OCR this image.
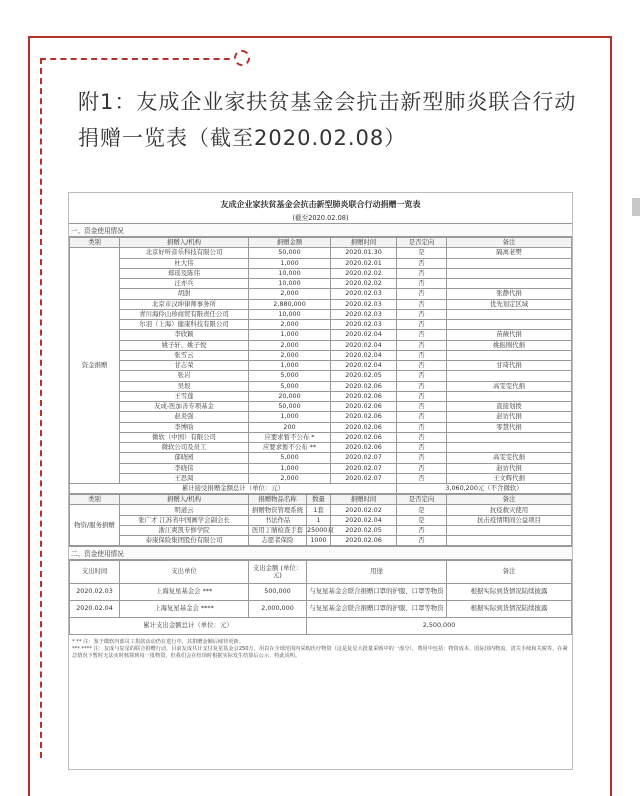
附1：友成企业家扶贫基金会抗击新型肺炎联合行动捐赠一览表（截至2020.02.08）
友成企业家扶贫基金会抗击新型肺炎联合行动捐赠一览表
(截至2020.02.08)
一、资金使用情况
类别	捐赠人/机构	捐赠金额	捐赠时间	是否定向	备注
资金捐赠	北京好听音乐科技有限公司	50,000	2020.01.30	是	隔离老樊
	杜大伟	1,000	2020.02.01	否	
	郑瑶及陈伟	10,000	2020.02.02	否	
	汪亦兵	10,000	2020.02.02	否	
	胡澍	2,000	2020.02.03	否	张静代捐
	北京市汉坤律师事务所	2,880,000	2020.02.03	否	优先划定区域
	青川海伶山珍商贸有限责任公司	10,000	2020.02.03	否	
	尔羽（上海）健康科技有限公司	2,000	2020.02.03	否	
	李欣颖	1,000	2020.02.04	否	苗薇代捐
	姚子轩、姚子悦	2,000	2020.02.04	否	姚振刚代捐
	张雪云	2,000	2020.02.04	否	
	甘志荣	1,000	2020.02.04	否	甘琦代捐
	张岩	5,000	2020.02.05	否	
	吴垠	5,000	2020.02.06	否	高雯雯代捐
	王雪莲	20,000	2020.02.06	否	
	友成-医加善专项基金	50,000	2020.02.06	否	直接划拨
	赵炎强	1,000	2020.02.06	否	赵访代捐
	李博晗	200	2020.02.06	否	零慧代捐
	微软（中国）有限公司	应要求暂不公布 *	2020.02.06	否	
	微软公司及员工	应要求暂不公布 **	2020.02.06	否	
	郁晓园	5,000	2020.02.07	否	高雯雯代捐
	李晓伟	1,000	2020.02.07	否	赵访代捐
	王思阅	2,000	2020.02.07	否	王文辉代捐
累计接受捐赠金额总计（单位：元）				3,060,200元（不含微软）	
类别	捐赠人/机构	捐赠物品名称	数量	捐赠时间	是否定向	备注
物资/服务捐赠	明道云	捐赠物资管理系统	1套	2020.02.02	是	抗疫救灾使用
	张广才 江苏省中国画学会副会长	书法作品	1	2020.02.04	是	抗击疫情期间公益项目
	浙江爽凯专修学院	医用丁腈检查手套	25000双	2020.02.05	否	
	泰康保险集团股份有限公司	志愿者保险	1000	2020.02.06	否	
二、资金使用情况
支出时间	支出单位	支出金额 (单位：元)	用途	备注
2020.02.03	上海复星基金会 ***	500,000	与复星基金会联合捐赠口罩的护服、口罩等物资	根据实际到货情况陆续披露
2020.02.04	上海复星基金会 ****	2,000,000	与复星基金会联合捐赠口罩的护服、口罩等物资	根据实际到货情况陆续披露
累计支出金额总计（单位：元）			2,500,000	
* ** 注：鉴于微软内部员工捐款活动仍在进行中，其捐赠金额后续待更新。
*** **** 注：友成与复星的联合捐赠行动，目前友成共计支付复星基金会250万，用以在全球范围内采购医疗物资（这是复星大批量采购中的一部分），费用中包括：物资成本、国际国内物流、清关手续和关税等。在紧急情况下暂时无法实时核算到每一批物资，但我们会在结项时根据实际发生结算后公示，特此说明。
